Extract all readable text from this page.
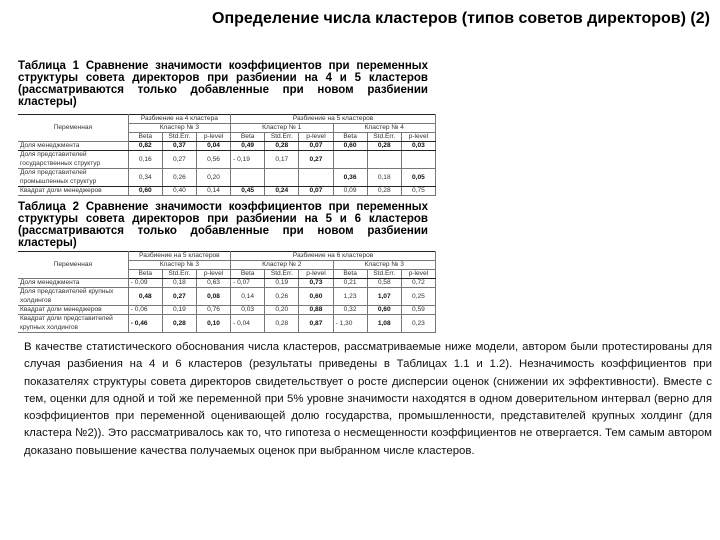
Определение числа кластеров (типов советов директоров) (2)
Таблица 1 Сравнение значимости коэффициентов при переменных структуры совета директоров при разбиении на 4 и 5 кластеров (рассматриваются только добавленные при новом разбиении кластеры)
Переменная	Разбиение на 4 кластера			Разбиение на 5 кластеров					
	Кластер № 3			Кластер № 1			Кластер № 4		
	Beta	Std.Err.	p-level	Beta	Std.Err.	p-level	Beta	Std.Err.	p-level
Доля менеджмента	0,82	0,37	0,04	0,49	0,28	0,07	0,60	0,28	0,03
Доля представителей государственных структур	0,16	0,27	0,56	- 0,19	0,17	0,27			
Доля представителей промышленных структур	0,34	0,26	0,20				0,36	0,18	0,05
Квадрат доли менеджеров	0,60	0,40	0,14	0,45	0,24	0,07	0,09	0,28	0,75
Таблица 2 Сравнение значимости коэффициентов при переменных структуры совета директоров при разбиении на 5 и 6 кластеров (рассматриваются только добавленные при новом разбиении кластеры)
Переменная	Разбиение на 5 кластеров			Разбиение на 6 кластеров					
	Кластер № 3			Кластер № 2			Кластер № 3		
	Beta	Std.Err.	p-level	Beta	Std.Err.	p-level	Beta	Std.Err.	p-level
Доля менеджмента	- 0,09	0,18	0,63	- 0,07	0,19	0,73	0,21	0,58	0,72
Доля представителей крупных холдингов	0,48	0,27	0,08	0,14	0,26	0,60	1,23	1,07	0,25
Квадрат доли менеджеров	- 0,06	0,19	0,76	0,03	0,20	0,88	0,32	0,60	0,59
Квадрат доли представителей крупных холдингов	- 0,46	0,28	0,10	- 0,04	0,28	0,87	- 1,30	1,08	0,23
В качестве статистического обоснования числа кластеров, рассматриваемые ниже модели, автором были протестированы для случая разбиения на 4 и 6 кластеров (результаты приведены в Таблицах 1.1 и 1.2). Незначимость коэффициентов при показателях структуры совета директоров свидетельствует о росте дисперсии оценок (снижении их эффективности). Вместе с тем, оценки для одной и той же переменной при 5% уровне значимости находятся в одном доверительном интервал (верно для коэффициентов при переменной оценивающей долю государства, промышленности, представителей крупных холдинг (для кластера №2)). Это рассматривалось как то, что гипотеза о несмещенности коэффициентов не отвергается. Тем самым автором доказано повышение качества получаемых оценок при выбранном числе кластеров.
